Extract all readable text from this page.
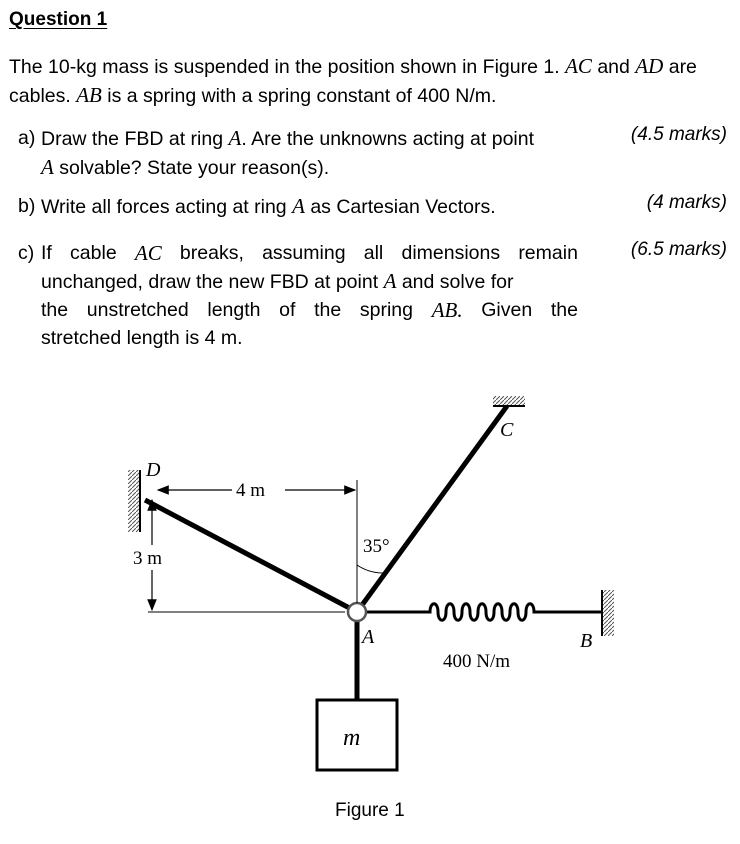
Question 1
The 10-kg mass is suspended in the position shown in Figure 1. AC and AD are
cables. AB is a spring with a spring constant of 400 N/m.
a) Draw the FBD at ring A. Are the unknowns acting at point
A solvable? State your reason(s).
(4.5 marks)
b) Write all forces acting at ring A as Cartesian Vectors.	(4 marks)
c) If cable AC breaks, assuming all dimensions remain
unchanged, draw the new FBD at point A and solve for
the unstretched length of the spring AB. Given the
stretched length is 4 m.
(6.5 marks)
C
D
A	B
m
4 m
3 m
35°
400 N/m
Figure 1
